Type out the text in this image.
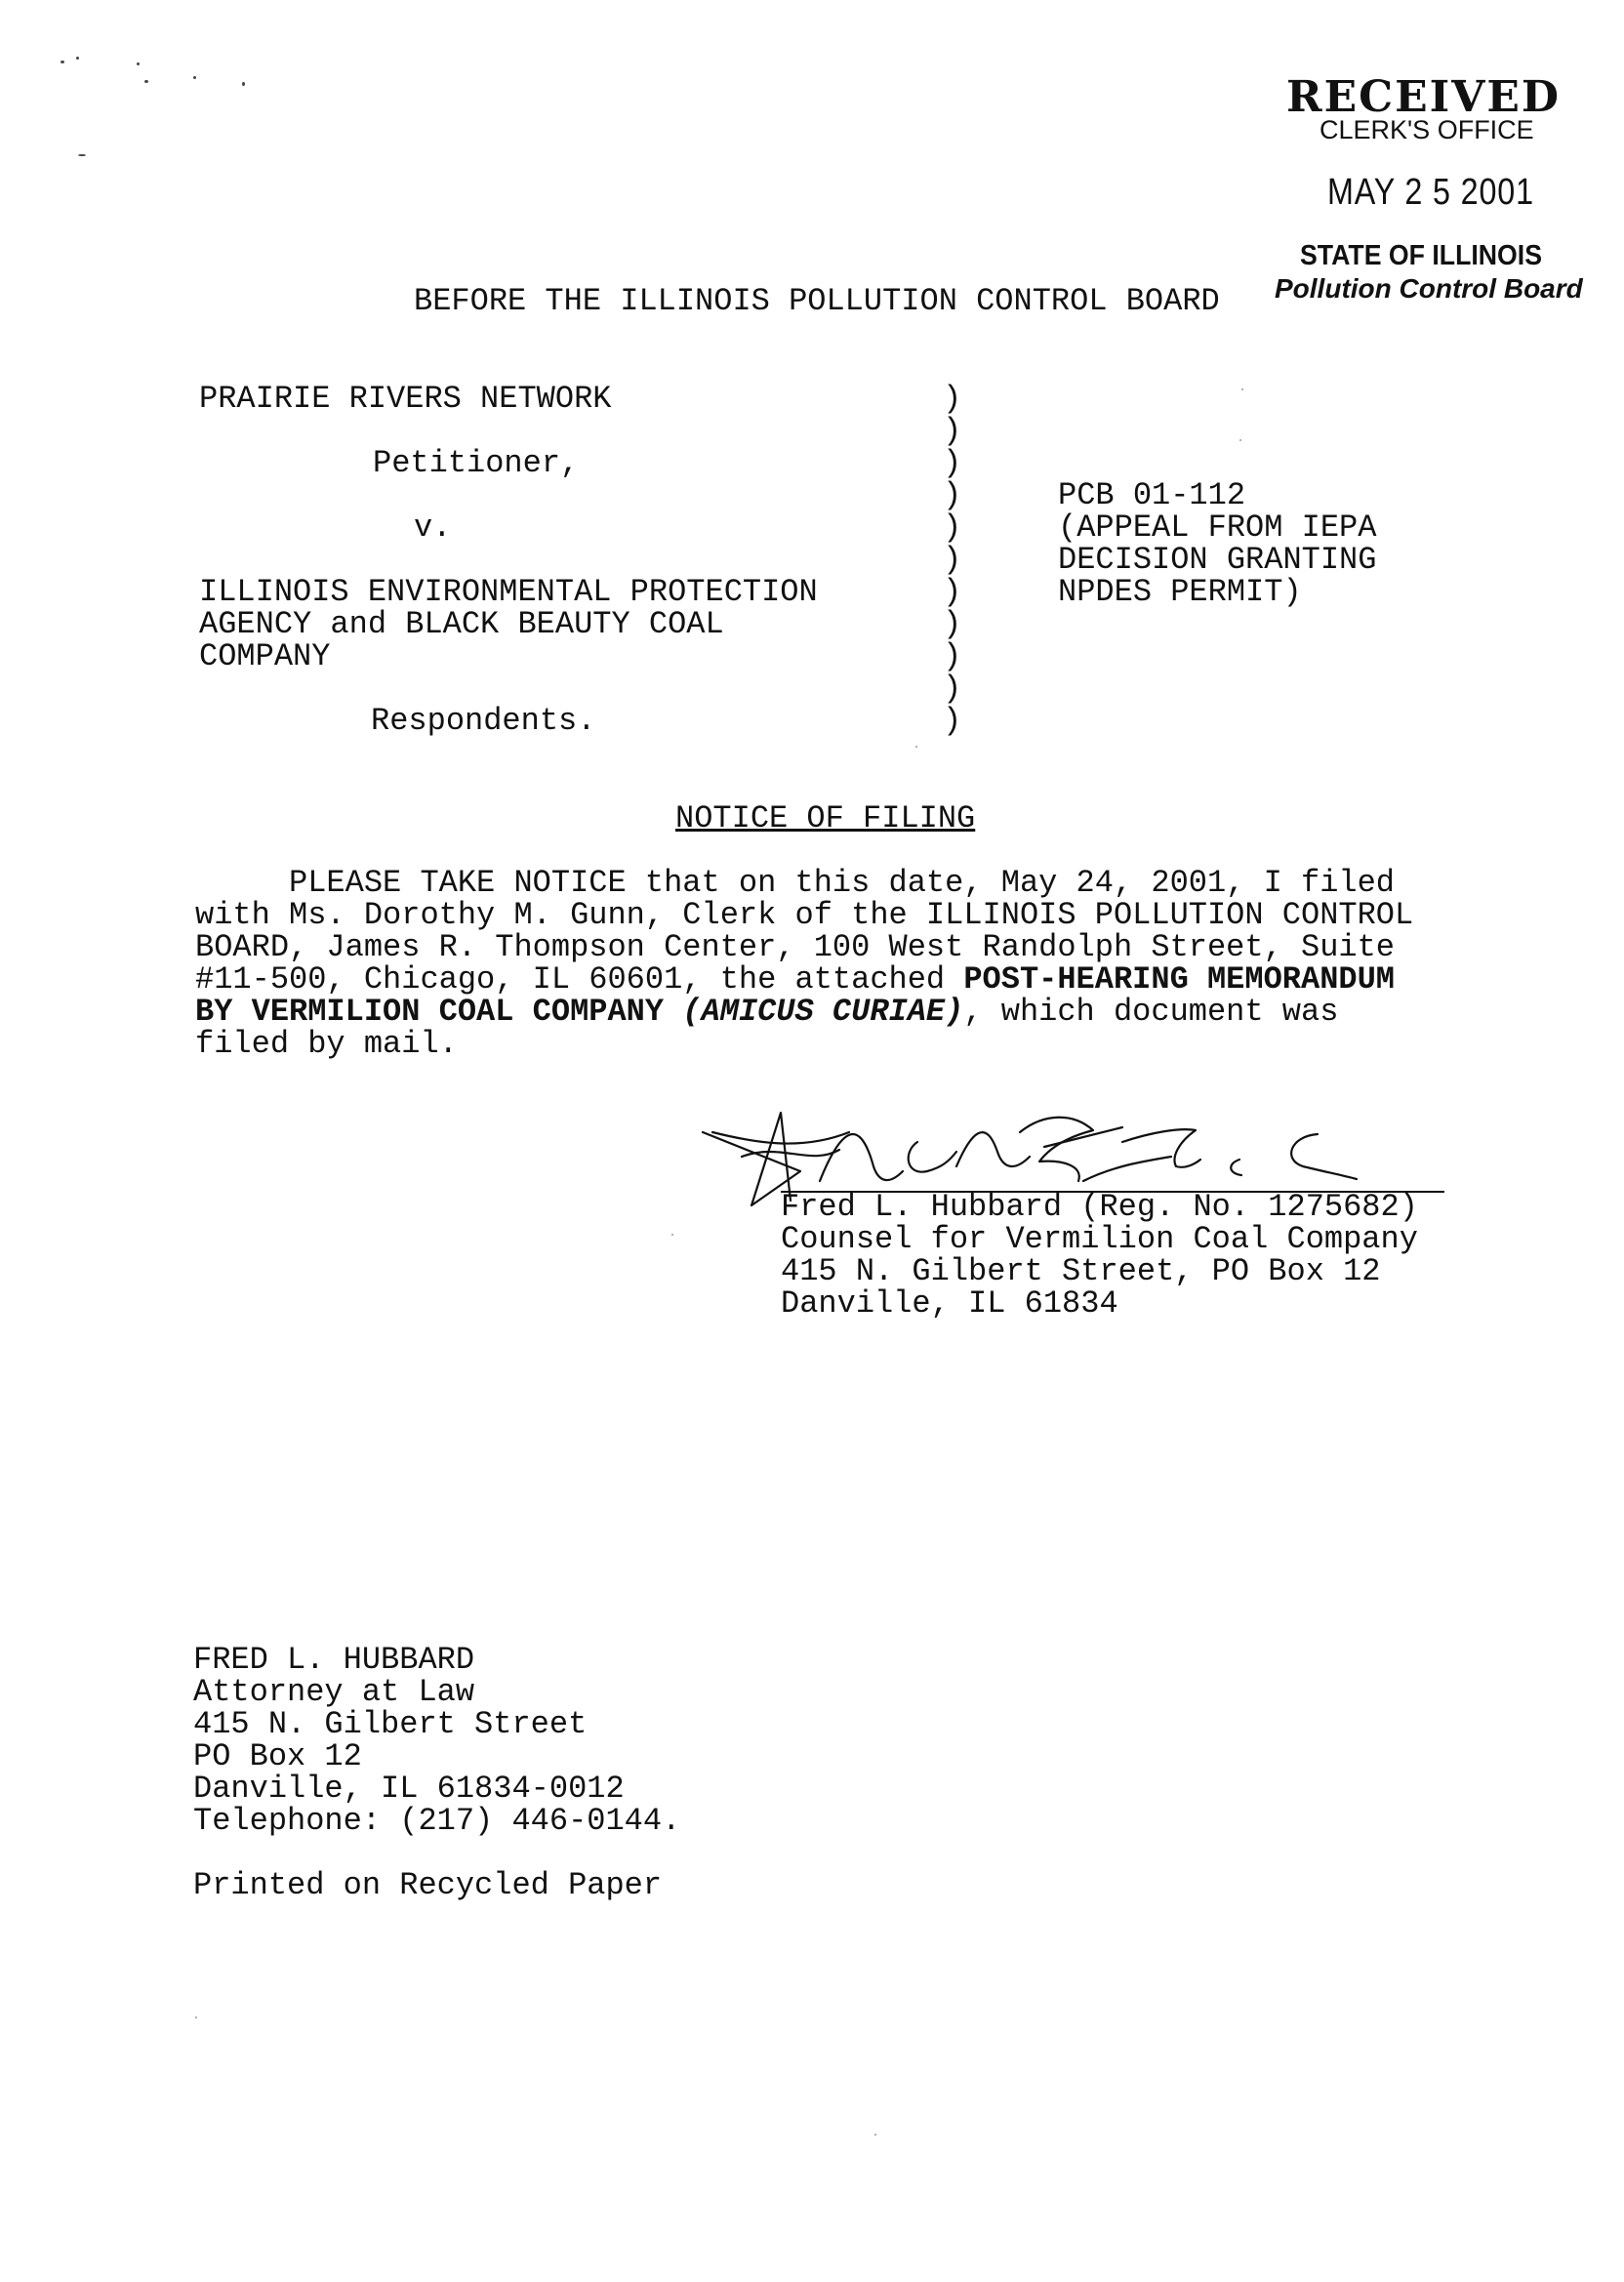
RECEIVED
CLERK'S OFFICE
MAY 2 5 2001
STATE OF ILLINOIS
Pollution Control Board
BEFORE THE ILLINOIS POLLUTION CONTROL BOARD
PRAIRIE RIVERS NETWORK
Petitioner,
v.
ILLINOIS ENVIRONMENTAL PROTECTION
AGENCY and BLACK BEAUTY COAL
COMPANY
Respondents.
)
)
)
)
)
)
)
)
)
)
)
PCB 01-112
(APPEAL FROM IEPA
DECISION GRANTING
NPDES PERMIT)
NOTICE OF FILING
PLEASE TAKE NOTICE that on this date, May 24, 2001, I filed
with Ms. Dorothy M. Gunn, Clerk of the ILLINOIS POLLUTION CONTROL
BOARD, James R. Thompson Center, 100 West Randolph Street, Suite
#11-500, Chicago, IL 60601, the attached POST-HEARING MEMORANDUM
BY VERMILION COAL COMPANY (AMICUS CURIAE), which document was
filed by mail.
Fred L. Hubbard (Reg. No. 1275682)
Counsel for Vermilion Coal Company
415 N. Gilbert Street, PO Box 12
Danville, IL 61834
FRED L. HUBBARD
Attorney at Law
415 N. Gilbert Street
PO Box 12
Danville, IL 61834-0012
Telephone: (217) 446-0144.
Printed on Recycled Paper
